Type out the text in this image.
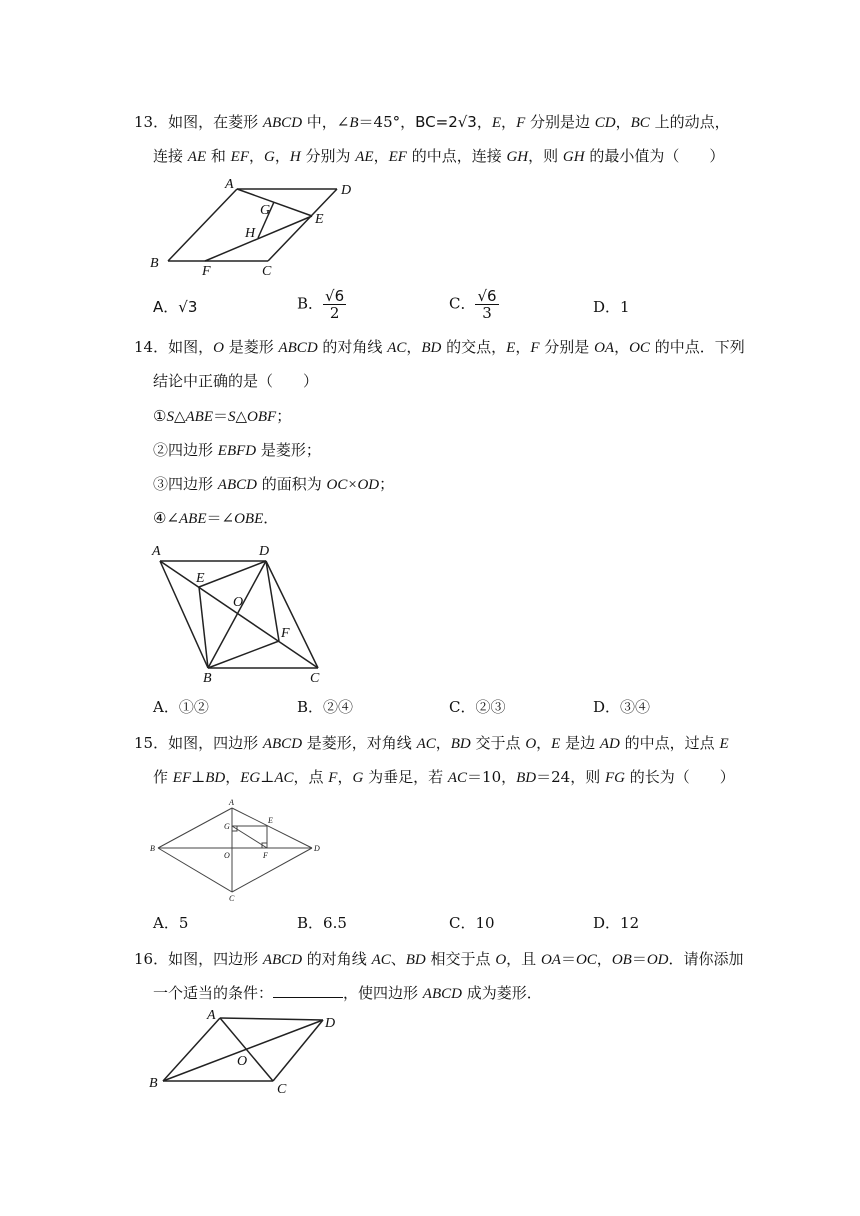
13．如图，在菱形 ABCD 中，∠B＝45°，BC=2√3，E，F 分别是边 CD，BC 上的动点，
连接 AE 和 EF，G，H 分别为 AE，EF 的中点，连接 GH，则 GH 的最小值为（　　）
A	D
G
E
H
B
F	C
A．√3	B． $\frac{√6}{2}$	C． $\frac{√6}{3}$	D．1
14．如图，O 是菱形 ABCD 的对角线 AC，BD 的交点，E，F 分别是 OA，OC 的中点．下列
结论中正确的是（　　）
①S△ABE＝S△OBF；
②四边形 EBFD 是菱形；
③四边形 ABCD 的面积为 OC×OD；
④∠ABE＝∠OBE．
A	D
E
O
F
B	C
A．①②	B．②④	C．②③	D．③④
15．如图，四边形 ABCD 是菱形，对角线 AC，BD 交于点 O，E 是边 AD 的中点，过点 E
作 EF⊥BD，EG⊥AC，点 F，G 为垂足，若 AC＝10，BD＝24，则 FG 的长为（　　）
A
G
E
B
O	F
D
C
A．5	B．6.5	C．10	D．12
16．如图，四边形 ABCD 的对角线 AC、BD 相交于点 O，且 OA＝OC，OB＝OD．请你添加
一个适当的条件：	，使四边形 ABCD 成为菱形．
A
D
O
B	C
